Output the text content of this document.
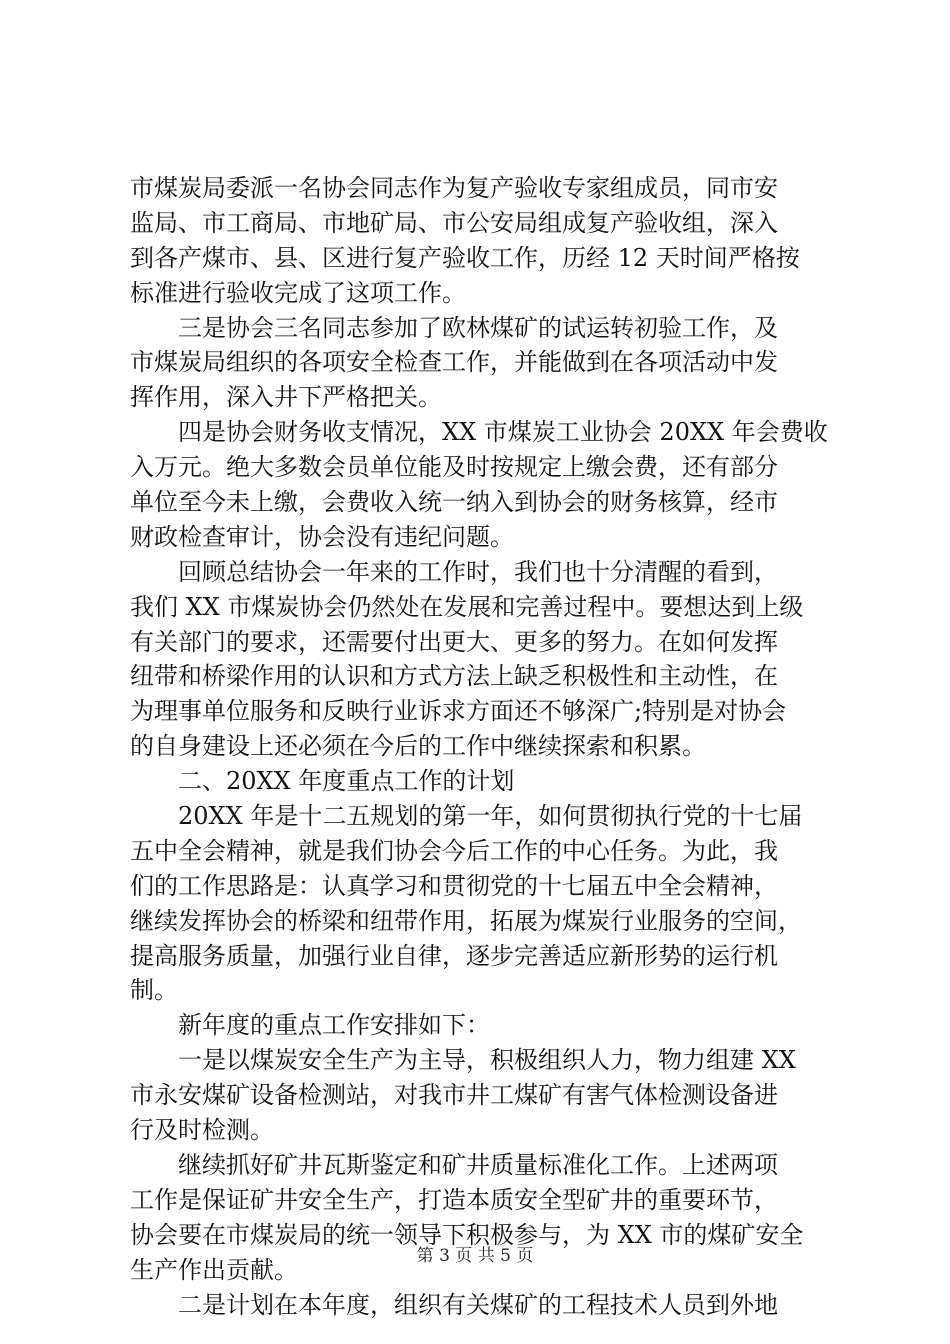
市煤炭局委派一名协会同志作为复产验收专家组成员，同市安
监局、市工商局、市地矿局、市公安局组成复产验收组，深入
到各产煤市、县、区进行复产验收工作，历经 12 天时间严格按
标准进行验收完成了这项工作。
三是协会三名同志参加了欧林煤矿的试运转初验工作，及
市煤炭局组织的各项安全检查工作，并能做到在各项活动中发
挥作用，深入井下严格把关。
四是协会财务收支情况，XX 市煤炭工业协会 20XX 年会费收
入万元。绝大多数会员单位能及时按规定上缴会费，还有部分
单位至今未上缴，会费收入统一纳入到协会的财务核算，经市
财政检查审计，协会没有违纪问题。
回顾总结协会一年来的工作时，我们也十分清醒的看到，
我们 XX 市煤炭协会仍然处在发展和完善过程中。要想达到上级
有关部门的要求，还需要付出更大、更多的努力。在如何发挥
纽带和桥梁作用的认识和方式方法上缺乏积极性和主动性，在
为理事单位服务和反映行业诉求方面还不够深广;特别是对协会
的自身建设上还必须在今后的工作中继续探索和积累。
二、20XX 年度重点工作的计划
20XX 年是十二五规划的第一年，如何贯彻执行党的十七届
五中全会精神，就是我们协会今后工作的中心任务。为此，我
们的工作思路是：认真学习和贯彻党的十七届五中全会精神，
继续发挥协会的桥梁和纽带作用，拓展为煤炭行业服务的空间，
提高服务质量，加强行业自律，逐步完善适应新形势的运行机
制。
新年度的重点工作安排如下：
一是以煤炭安全生产为主导，积极组织人力，物力组建 XX
市永安煤矿设备检测站，对我市井工煤矿有害气体检测设备进
行及时检测。
继续抓好矿井瓦斯鉴定和矿井质量标准化工作。上述两项
工作是保证矿井安全生产，打造本质安全型矿井的重要环节，
协会要在市煤炭局的统一领导下积极参与，为 XX 市的煤矿安全
生产作出贡献。
二是计划在本年度，组织有关煤矿的工程技术人员到外地
第 3 页 共 5 页
